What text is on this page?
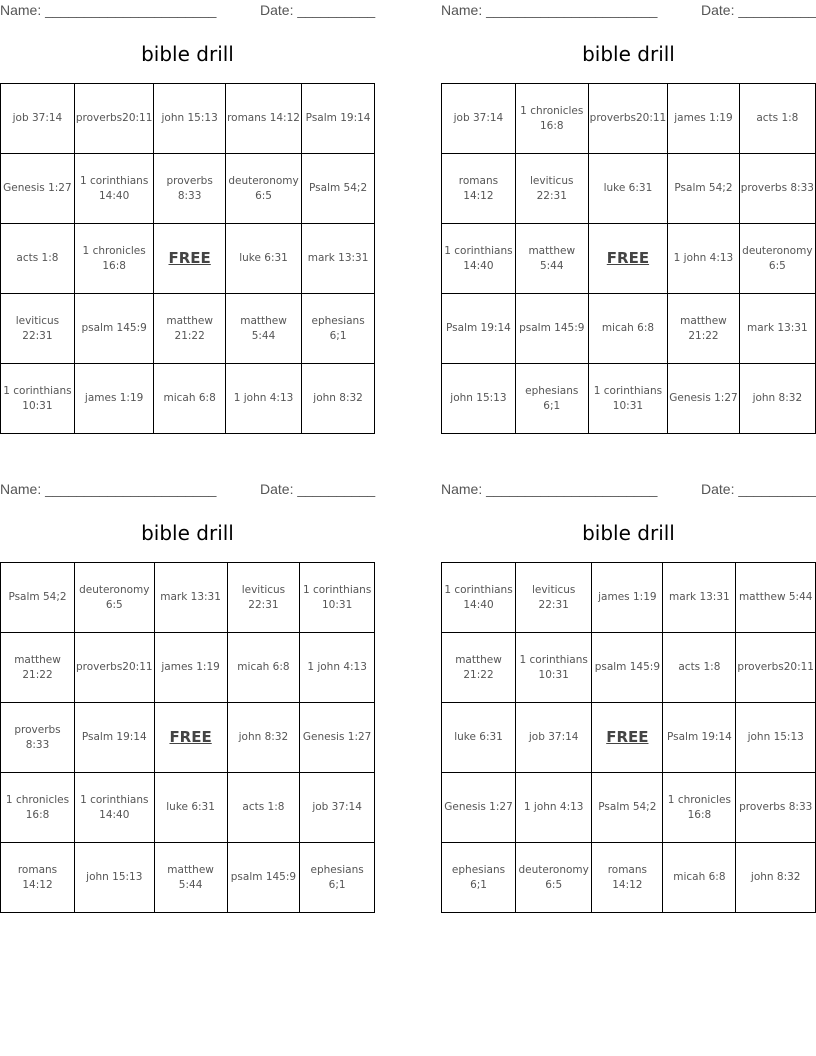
Name: ______________________	Date: __________
bible drill
job 37:14	proverbs20:11	john 15:13	romans 14:12	Psalm 19:14
Genesis 1:27	1 corinthians 14:40	proverbs 8:33	deuteronomy 6:5	Psalm 54;2
acts 1:8	1 chronicles 16:8	FREE	luke 6:31	mark 13:31
leviticus 22:31	psalm 145:9	matthew 21:22	matthew 5:44	ephesians 6;1
1 corinthians 10:31	james 1:19	micah 6:8	1 john 4:13	john 8:32
Name: ______________________	Date: __________
bible drill
job 37:14	1 chronicles 16:8	proverbs20:11	james 1:19	acts 1:8
romans 14:12	leviticus 22:31	luke 6:31	Psalm 54;2	proverbs 8:33
1 corinthians 14:40	matthew 5:44	FREE	1 john 4:13	deuteronomy 6:5
Psalm 19:14	psalm 145:9	micah 6:8	matthew 21:22	mark 13:31
john 15:13	ephesians 6;1	1 corinthians 10:31	Genesis 1:27	john 8:32
Name: ______________________	Date: __________
bible drill
Psalm 54;2	deuteronomy 6:5	mark 13:31	leviticus 22:31	1 corinthians 10:31
matthew 21:22	proverbs20:11	james 1:19	micah 6:8	1 john 4:13
proverbs 8:33	Psalm 19:14	FREE	john 8:32	Genesis 1:27
1 chronicles 16:8	1 corinthians 14:40	luke 6:31	acts 1:8	job 37:14
romans 14:12	john 15:13	matthew 5:44	psalm 145:9	ephesians 6;1
Name: ______________________	Date: __________
bible drill
1 corinthians 14:40	leviticus 22:31	james 1:19	mark 13:31	matthew 5:44
matthew 21:22	1 corinthians 10:31	psalm 145:9	acts 1:8	proverbs20:11
luke 6:31	job 37:14	FREE	Psalm 19:14	john 15:13
Genesis 1:27	1 john 4:13	Psalm 54;2	1 chronicles 16:8	proverbs 8:33
ephesians 6;1	deuteronomy 6:5	romans 14:12	micah 6:8	john 8:32
